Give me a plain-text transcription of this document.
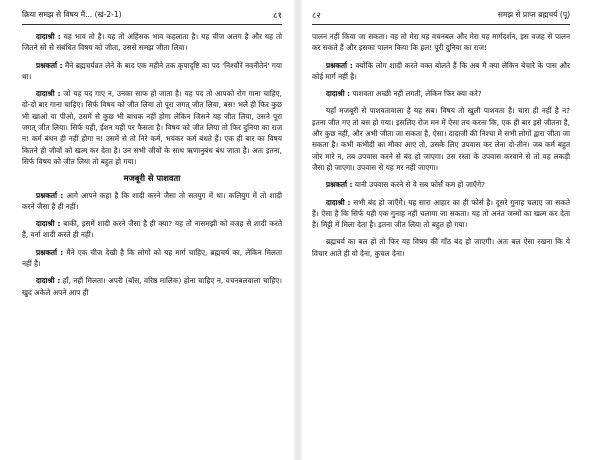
क्रिया समझ से विषय मैं... (खं-2-1)	८१

दादाश्री : यह भाव तो है। यह तो अहिंसक भाव कहलाता है। यह चीज अलग है और यह तो जितने सो से संबंधित विषय को जीता, उससे समझ जीता लिया।

प्रश्नकर्ता : मैंने ब्रह्मचर्यव्रत लेने के बाद एक महीने तक कृपादृष्टि का पद 'निश्चौरें नवनीतेनं' गया था।

दादाश्री : जो यह पद गाए न, उनका साफ हो जाता है। यह पद तो आपको रोग गाना चाहिए, दो-दो बार गाना चाहिए। सिर्फ विषय को जीत लिया तो पूरा जगत् जीत लिया, बस! भले ही फिर कुछ भी खाओ या पीओ, उसमें से कुछ भी बाधक नहीं होगा लेकिन जिसने यह जीत लिया, उसने पूरा जगत् जीत लिया। सिर्फ यही, ईशन यहीं पर फैसता है। विषय को जीत लिया तो फिर दुनिया का राज न! कर्म बंधन ही नहीं होगा न! उसमें से तो निरे कर्म, भयंकर कर्म बंधते हैं। एक ही बार का विषय कितने ही जीवों को खत्म कर देता है। उन सभी जीवों के साथ ऋणानुबंध बंध जाता है। अतः इतना, सिर्फ विषय को जीत लिया तो बहुत हो गया।

मजबूरी से पाशवता

प्रश्नकर्ता : आगे आपने कहा है कि शादी करने जैसा तो सतयुग में था। कलियुग में तो शादी करने जैसा है ही नहीं।

दादाश्री : बाकी, इसमें शादी करने जैसा है ही क्या? यह तो नासमझी को वजह से शादी करते हैं, वर्ना शादी करते ही नहीं।

प्रश्नकर्ता : मैंने एक चीज देखी है कि लोगों को यह मार्ग चाहिए, ब्रह्मचर्य का, लेकिन मिलता नहीं है।

दादाश्री : हाँ, नहीं मिलता। अपरी (बॉस, वरिष्ठ मालिक) होना चाहिए न, वचनबलवाला चाहिए। खुद अकेले अपने आप ही

८२	समझ से प्राप्त ब्रह्मचर्य (पू)

पालन नहीं किया जा सकता। वह तो मेरा यह वचनबल और मेरा यह मार्गदर्शन, इस वजह से पालन कर सकते हैं और इसका पालन किया कि हल! पूरी दुनिया का राज!

प्रश्नकर्ता : क्योंकि लोग शादी करते वक्त बोलते हैं कि अब मैं क्या लेकिन बेचारे के पास और कोई मार्ग नहीं है।

दादाश्री : पाशवता अच्छी नहीं लगती, लेकिन फिर क्या करे?

यहाँ मजबूरी से पाशवतावाला है यह सब। विषय तो खुली पाशवता है। चारा ही नहीं है न? इतना जीत गए तो बस हो गया। इसलिए रोज मन में ऐसा तय करना कि, एक ही बार इसे जीतना है, और कुछ नहीं, और अभी जीता जा सकता है, ऐसा। दादाजी की निश्चा में सभी लोगों द्वारा जीता जा सकता है। कभी कभीदी का मौका आए तो, उसके लिए उपवास कर लेना दो-तीन। जब कर्म बहुत जोर मारे न, तब उपवास करने से बंद हो जाएगा। उस रस्ता के उपवास करवाने से तो यह लकड़ी जैसा हो जाएगा। उपवास से यह मर नहीं जाएगा।

प्रश्नकर्ता : यानी उपवास करने से वे सब फोर्स कम हो जाएँगे?

दादाश्री : सभी बंद हो जाएँगे। यह सारा आहार का ही फोर्स है। दूसरे गुनाह चलाए जा सकते हैं। ऐसा है कि सिर्फ यही एक गुनाह नहीं चलाया जा सकता। यह तो अनंत जन्मों का खत्म कर देता है। मिट्टी में मिला देता है। इतना जीत लिया तो बहुत हो गया।

ब्रह्मचर्य का बल हो तो फिर यह विषय की गाँठ बंद हो जाएगी। अतः बल ऐसा रखना कि ये विचार आते ही वो देना, कुचल देना।
